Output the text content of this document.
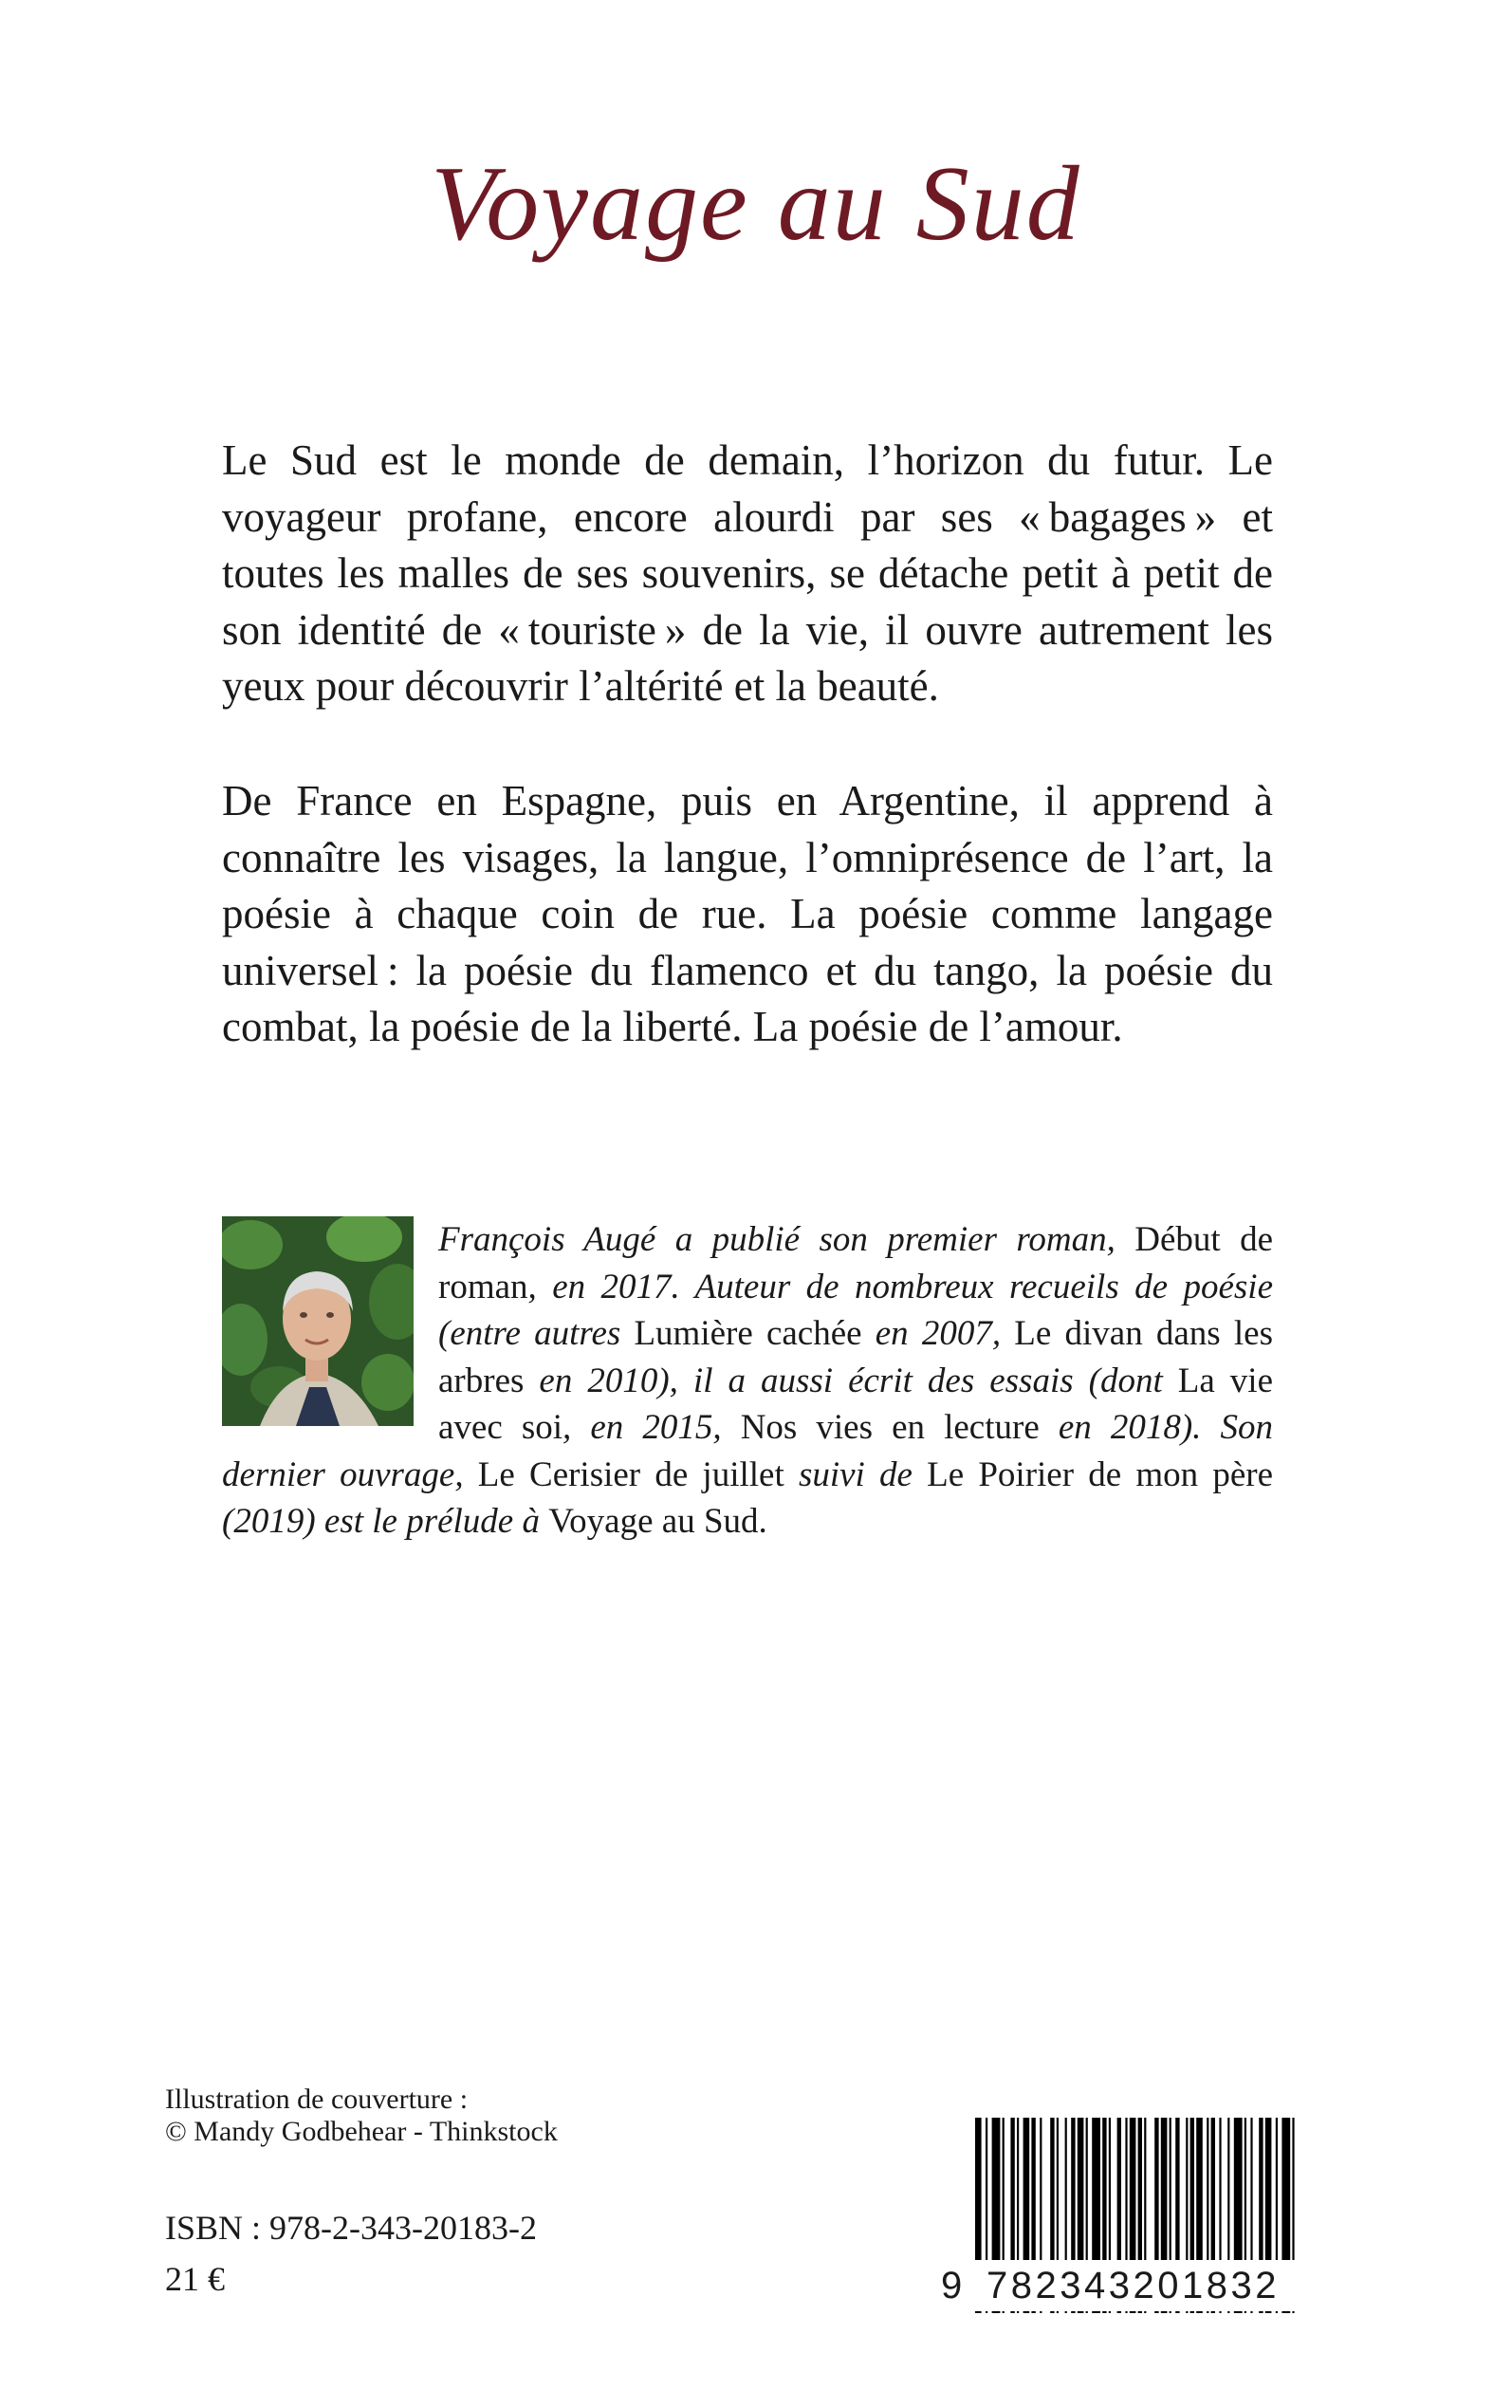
Voyage au Sud

Le Sud est le monde de demain, l’horizon du futur. Le voyageur profane, encore alourdi par ses « bagages » et toutes les malles de ses souvenirs, se détache petit à petit de son identité de « touriste » de la vie, il ouvre autrement les yeux pour découvrir l’altérité et la beauté.

De France en Espagne, puis en Argentine, il apprend à connaître les visages, la langue, l’omniprésence de l’art, la poésie à chaque coin de rue. La poésie comme langage universel : la poésie du flamenco et du tango, la poésie du combat, la poésie de la liberté. La poésie de l’amour.

François Augé a publié son premier roman, Début de roman, en 2017. Auteur de nombreux recueils de poésie (entre autres Lumière cachée en 2007, Le divan dans les arbres en 2010), il a aussi écrit des essais (dont La vie avec soi, en 2015, Nos vies en lecture en 2018). Son dernier ouvrage, Le Cerisier de juillet suivi de Le Poirier de mon père (2019) est le prélude à Voyage au Sud.
Illustration de couverture :
© Mandy Godbehear - Thinkstock
ISBN : 978-2-343-20183-2
21 €	9 782343201832
